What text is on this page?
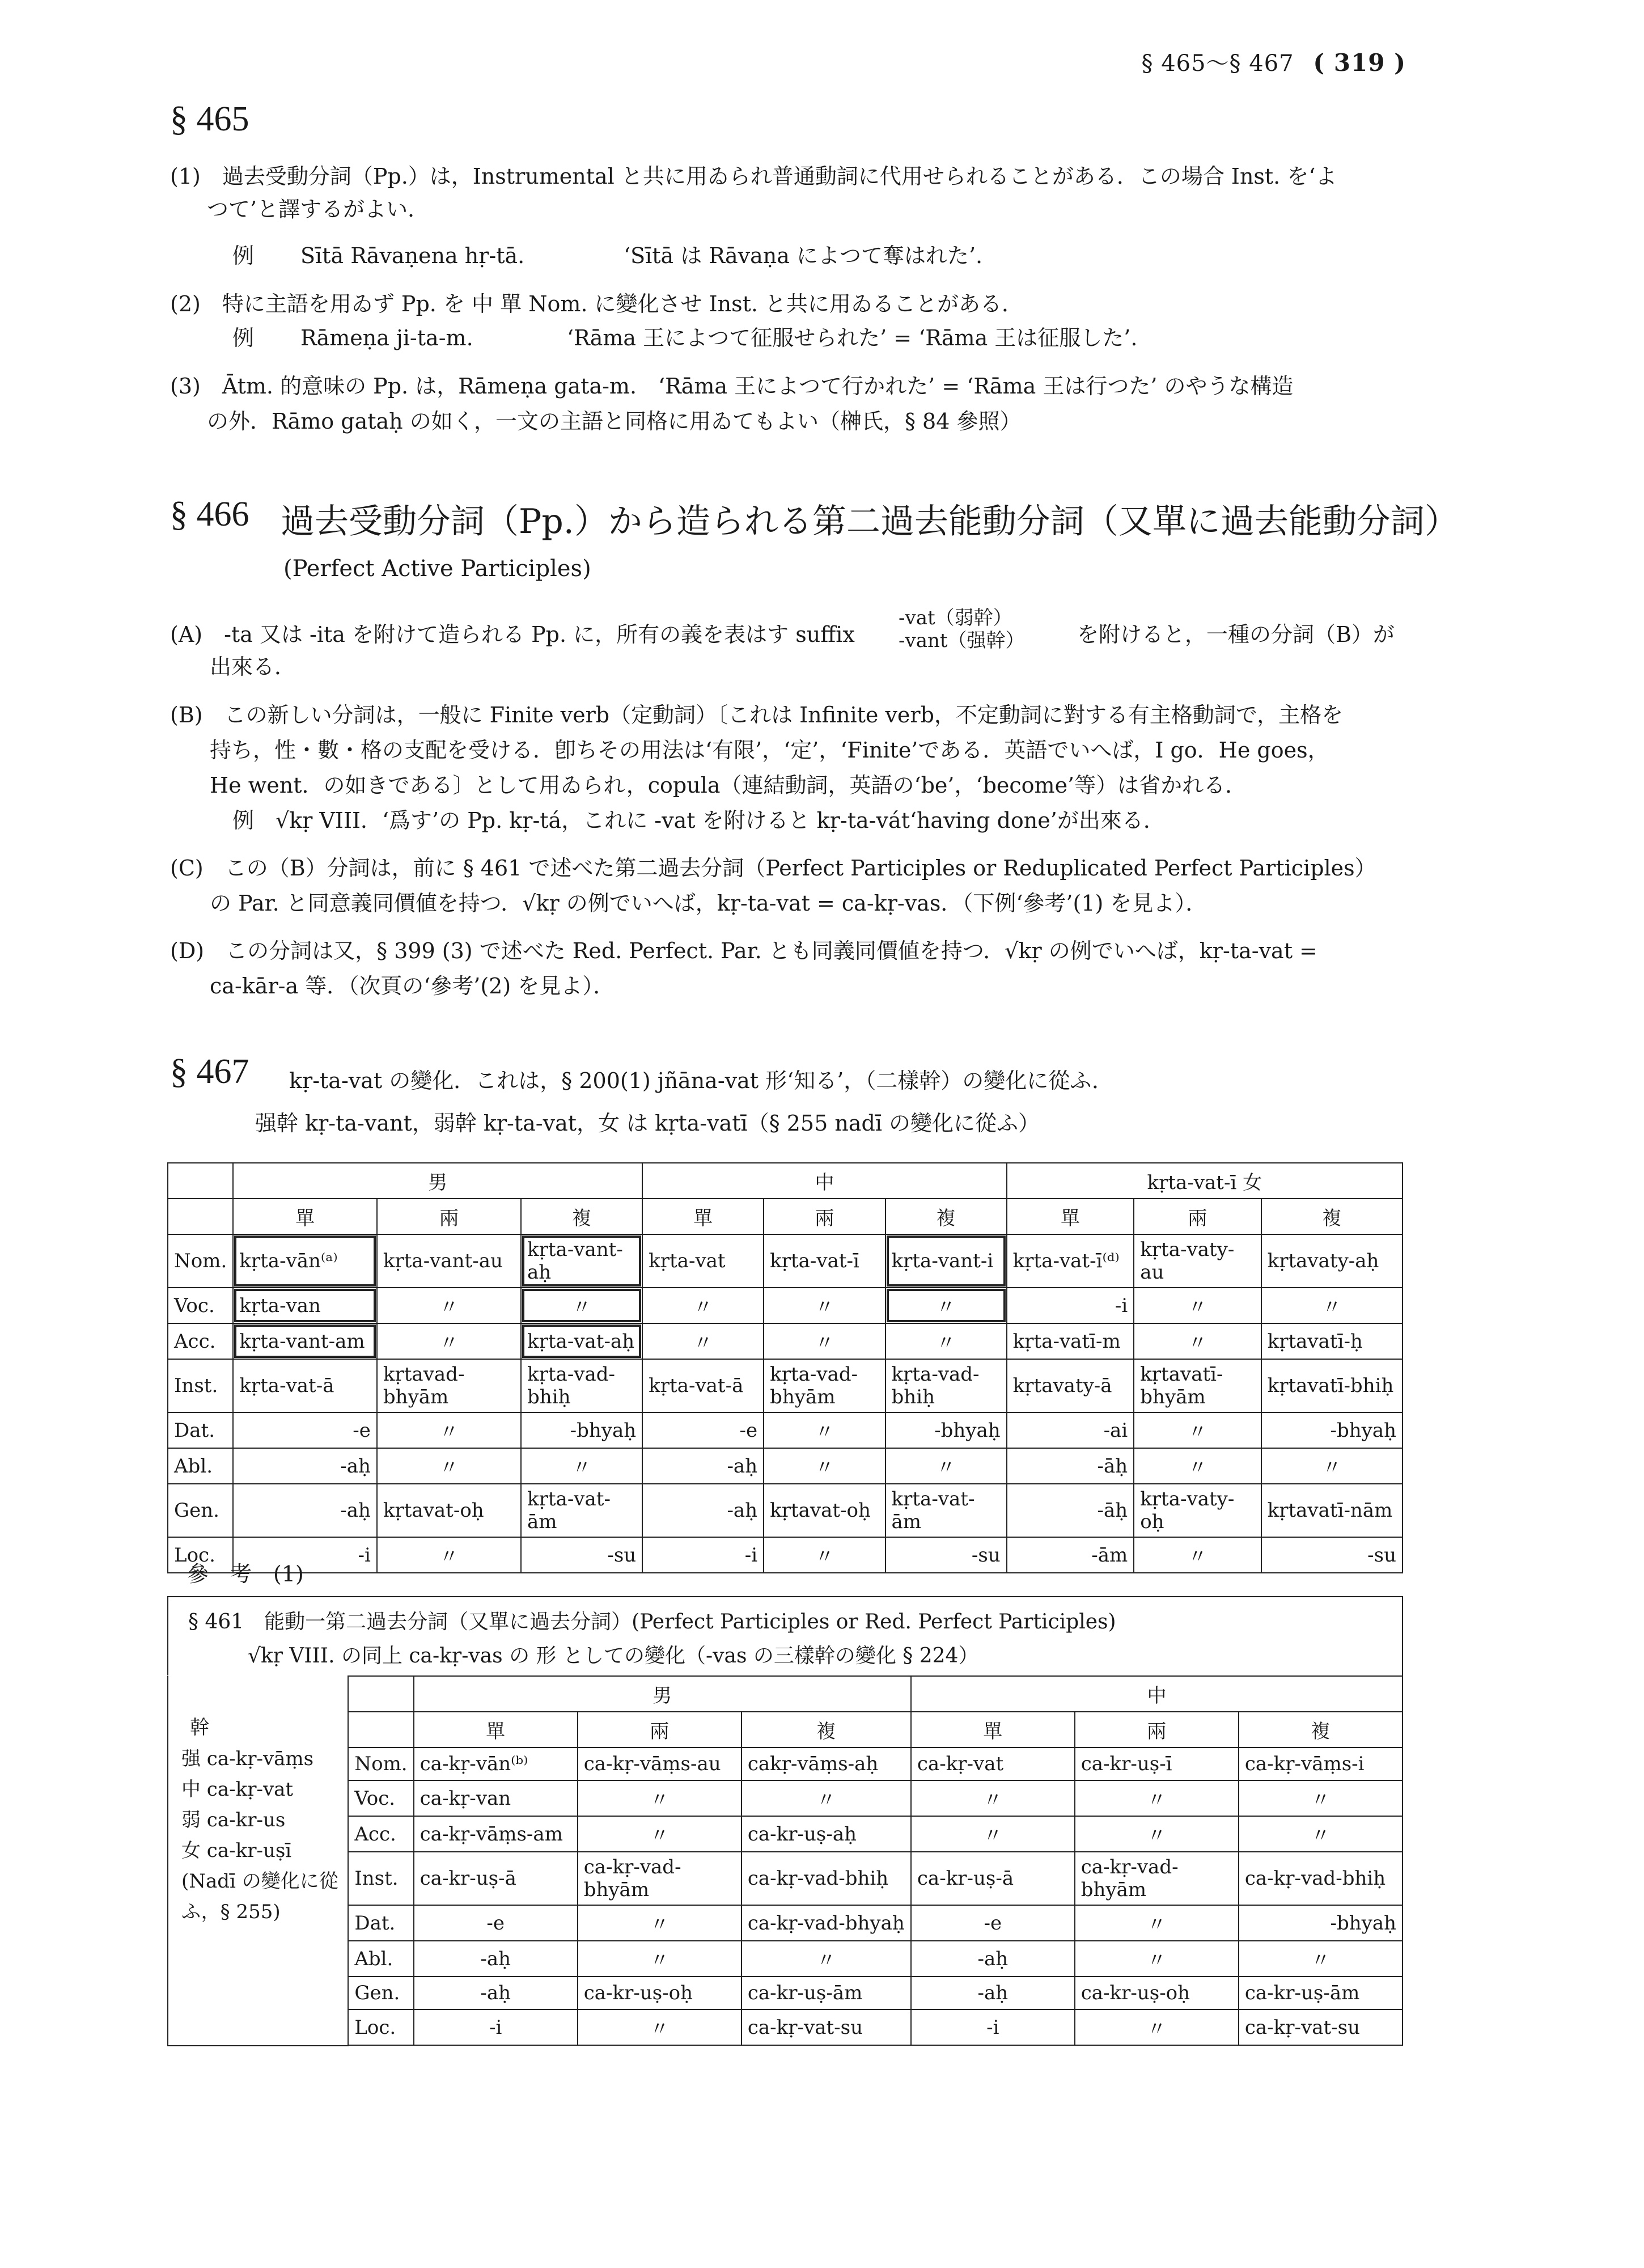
§ 465〜§ 467 ( 319 )
§ 465
(1)　過去受動分詞（Pp.）は，Instrumental と共に用ゐられ普通動詞に代用せられることがある．この場合 Inst. を‘よ
つて’と譯するがよい．
例 Sītā Rāvaṇena hṛ-tā.	‘Sītā は Rāvaṇa によつて奪はれた’.
(2)　特に主語を用ゐず Pp. を 中 單 Nom. に變化させ Inst. と共に用ゐることがある．
例 Rāmeṇa ji-ta-m.	‘Rāma 王によつて征服せられた’ = ‘Rāma 王は征服した’.
(3)　Ātm. 的意味の Pp. は，Rāmeṇa gata-m.　‘Rāma 王によつて行かれた’ = ‘Rāma 王は行つた’ のやうな構造
の外．Rāmo gataḥ の如く，一文の主語と同格に用ゐてもよい（榊氏，§ 84 參照）
§ 466 過去受動分詞（Pp.）から造られる第二過去能動分詞（又單に過去能動分詞）
(Perfect Active Participles)
(A)　-ta 又は -ita を附けて造られる Pp. に，所有の義を表はす suffix
-vat（弱幹）
-vant（强幹） を附けると，一種の分詞（B）が
出來る．
(B)　この新しい分詞は，一般に Finite verb（定動詞）〔これは Infinite verb，不定動詞に對する有主格動詞で，主格を
持ち，性・數・格の支配を受ける．卽ちその用法は‘有限’，‘定’，‘Finite’である．英語でいへば，I go．He goes，
He went．の如きである〕として用ゐられ，copula（連結動詞，英語の‘be’，‘become’等）は省かれる．
例　√kṛ VIII．‘爲す’の Pp. kṛ-tá，これに -vat を附けると kṛ-ta-vát‘having done’が出來る．
(C)　この（B）分詞は，前に § 461 で述べた第二過去分詞（Perfect Participles or Reduplicated Perfect Participles）
の Par. と同意義同價値を持つ．√kṛ の例でいへば，kṛ-ta-vat = ca-kṛ-vas．（下例‘參考’(1) を見よ）．
(D)　この分詞は又，§ 399 (3) で述べた Red. Perfect. Par. とも同義同價値を持つ．√kṛ の例でいへば，kṛ-ta-vat =
ca-kār-a 等．（次頁の‘參考’(2) を見よ）．
§ 467 kṛ-ta-vat の變化．これは，§ 200(1) jñāna-vat 形‘知る’，（二樣幹）の變化に從ふ．
强幹 kṛ-ta-vant，弱幹 kṛ-ta-vat，女 は kṛta-vatī（§ 255 nadī の變化に從ふ）
	男			中			kṛta-vat-ī 女		
	單	兩	複	單	兩	複	單	兩	複
Nom.	kṛta-vān⁽ᵃ⁾	kṛta-vant-au	kṛta-vant-aḥ	kṛta-vat	kṛta-vat-ī	kṛta-vant-i	kṛta-vat-ī⁽ᵈ⁾	kṛta-vaty-au	kṛtavaty-aḥ
Voc.	kṛta-van	〃	〃	〃	〃	〃	-i	〃	〃
Acc.	kṛta-vant-am	〃	kṛta-vat-aḥ	〃	〃	〃	kṛta-vatī-m	〃	kṛtavatī-ḥ
Inst.	kṛta-vat-ā	kṛtavad-bhyām	kṛta-vad-bhiḥ	kṛta-vat-ā	kṛta-vad-bhyām	kṛta-vad-bhiḥ	kṛtavaty-ā	kṛtavatī-bhyām	kṛtavatī-bhiḥ
Dat.	-e	〃	-bhyaḥ	-e	〃	-bhyaḥ	-ai	〃	-bhyaḥ
Abl.	-aḥ	〃	〃	-aḥ	〃	〃	-āḥ	〃	〃
Gen.	-aḥ	kṛtavat-oḥ	kṛta-vat-ām	-aḥ	kṛtavat-oḥ	kṛta-vat-ām	-āḥ	kṛta-vaty-oḥ	kṛtavatī-nām
Loc.	-i	〃	-su	-i	〃	-su	-ām	〃	-su
參　考　(1)
§ 461　能動一第二過去分詞（又單に過去分詞）(Perfect Participles or Red. Perfect Participles)
√kṛ VIII. の同上 ca-kṛ-vas の 形 としての變化（-vas の三樣幹の變化 § 224）
幹
强 ca-kṛ-vāṃs
中 ca-kṛ-vat
弱 ca-kr-us
女 ca-kr-uṣī
(Nadī の變化に從
ふ，§ 255)
		男			中		
		單	兩	複	單	兩	複
	Nom.	ca-kṛ-vān⁽ᵇ⁾	ca-kṛ-vāṃs-au	cakṛ-vāṃs-aḥ	ca-kṛ-vat	ca-kr-uṣ-ī	ca-kṛ-vāṃs-i
	Voc.	ca-kṛ-van	〃	〃	〃	〃	〃
	Acc.	ca-kṛ-vāṃs-am	〃	ca-kr-uṣ-aḥ	〃	〃	〃
	Inst.	ca-kr-uṣ-ā	ca-kṛ-vad-bhyām	ca-kṛ-vad-bhiḥ	ca-kr-uṣ-ā	ca-kṛ-vad-bhyām	ca-kṛ-vad-bhiḥ
	Dat.	-e	〃	ca-kṛ-vad-bhyaḥ	-e	〃	-bhyaḥ
	Abl.	-aḥ	〃	〃	-aḥ	〃	〃
	Gen.	-aḥ	ca-kr-uṣ-oḥ	ca-kr-uṣ-ām	-aḥ	ca-kr-uṣ-oḥ	ca-kr-uṣ-ām
	Loc.	-i	〃	ca-kṛ-vat-su	-i	〃	ca-kṛ-vat-su
